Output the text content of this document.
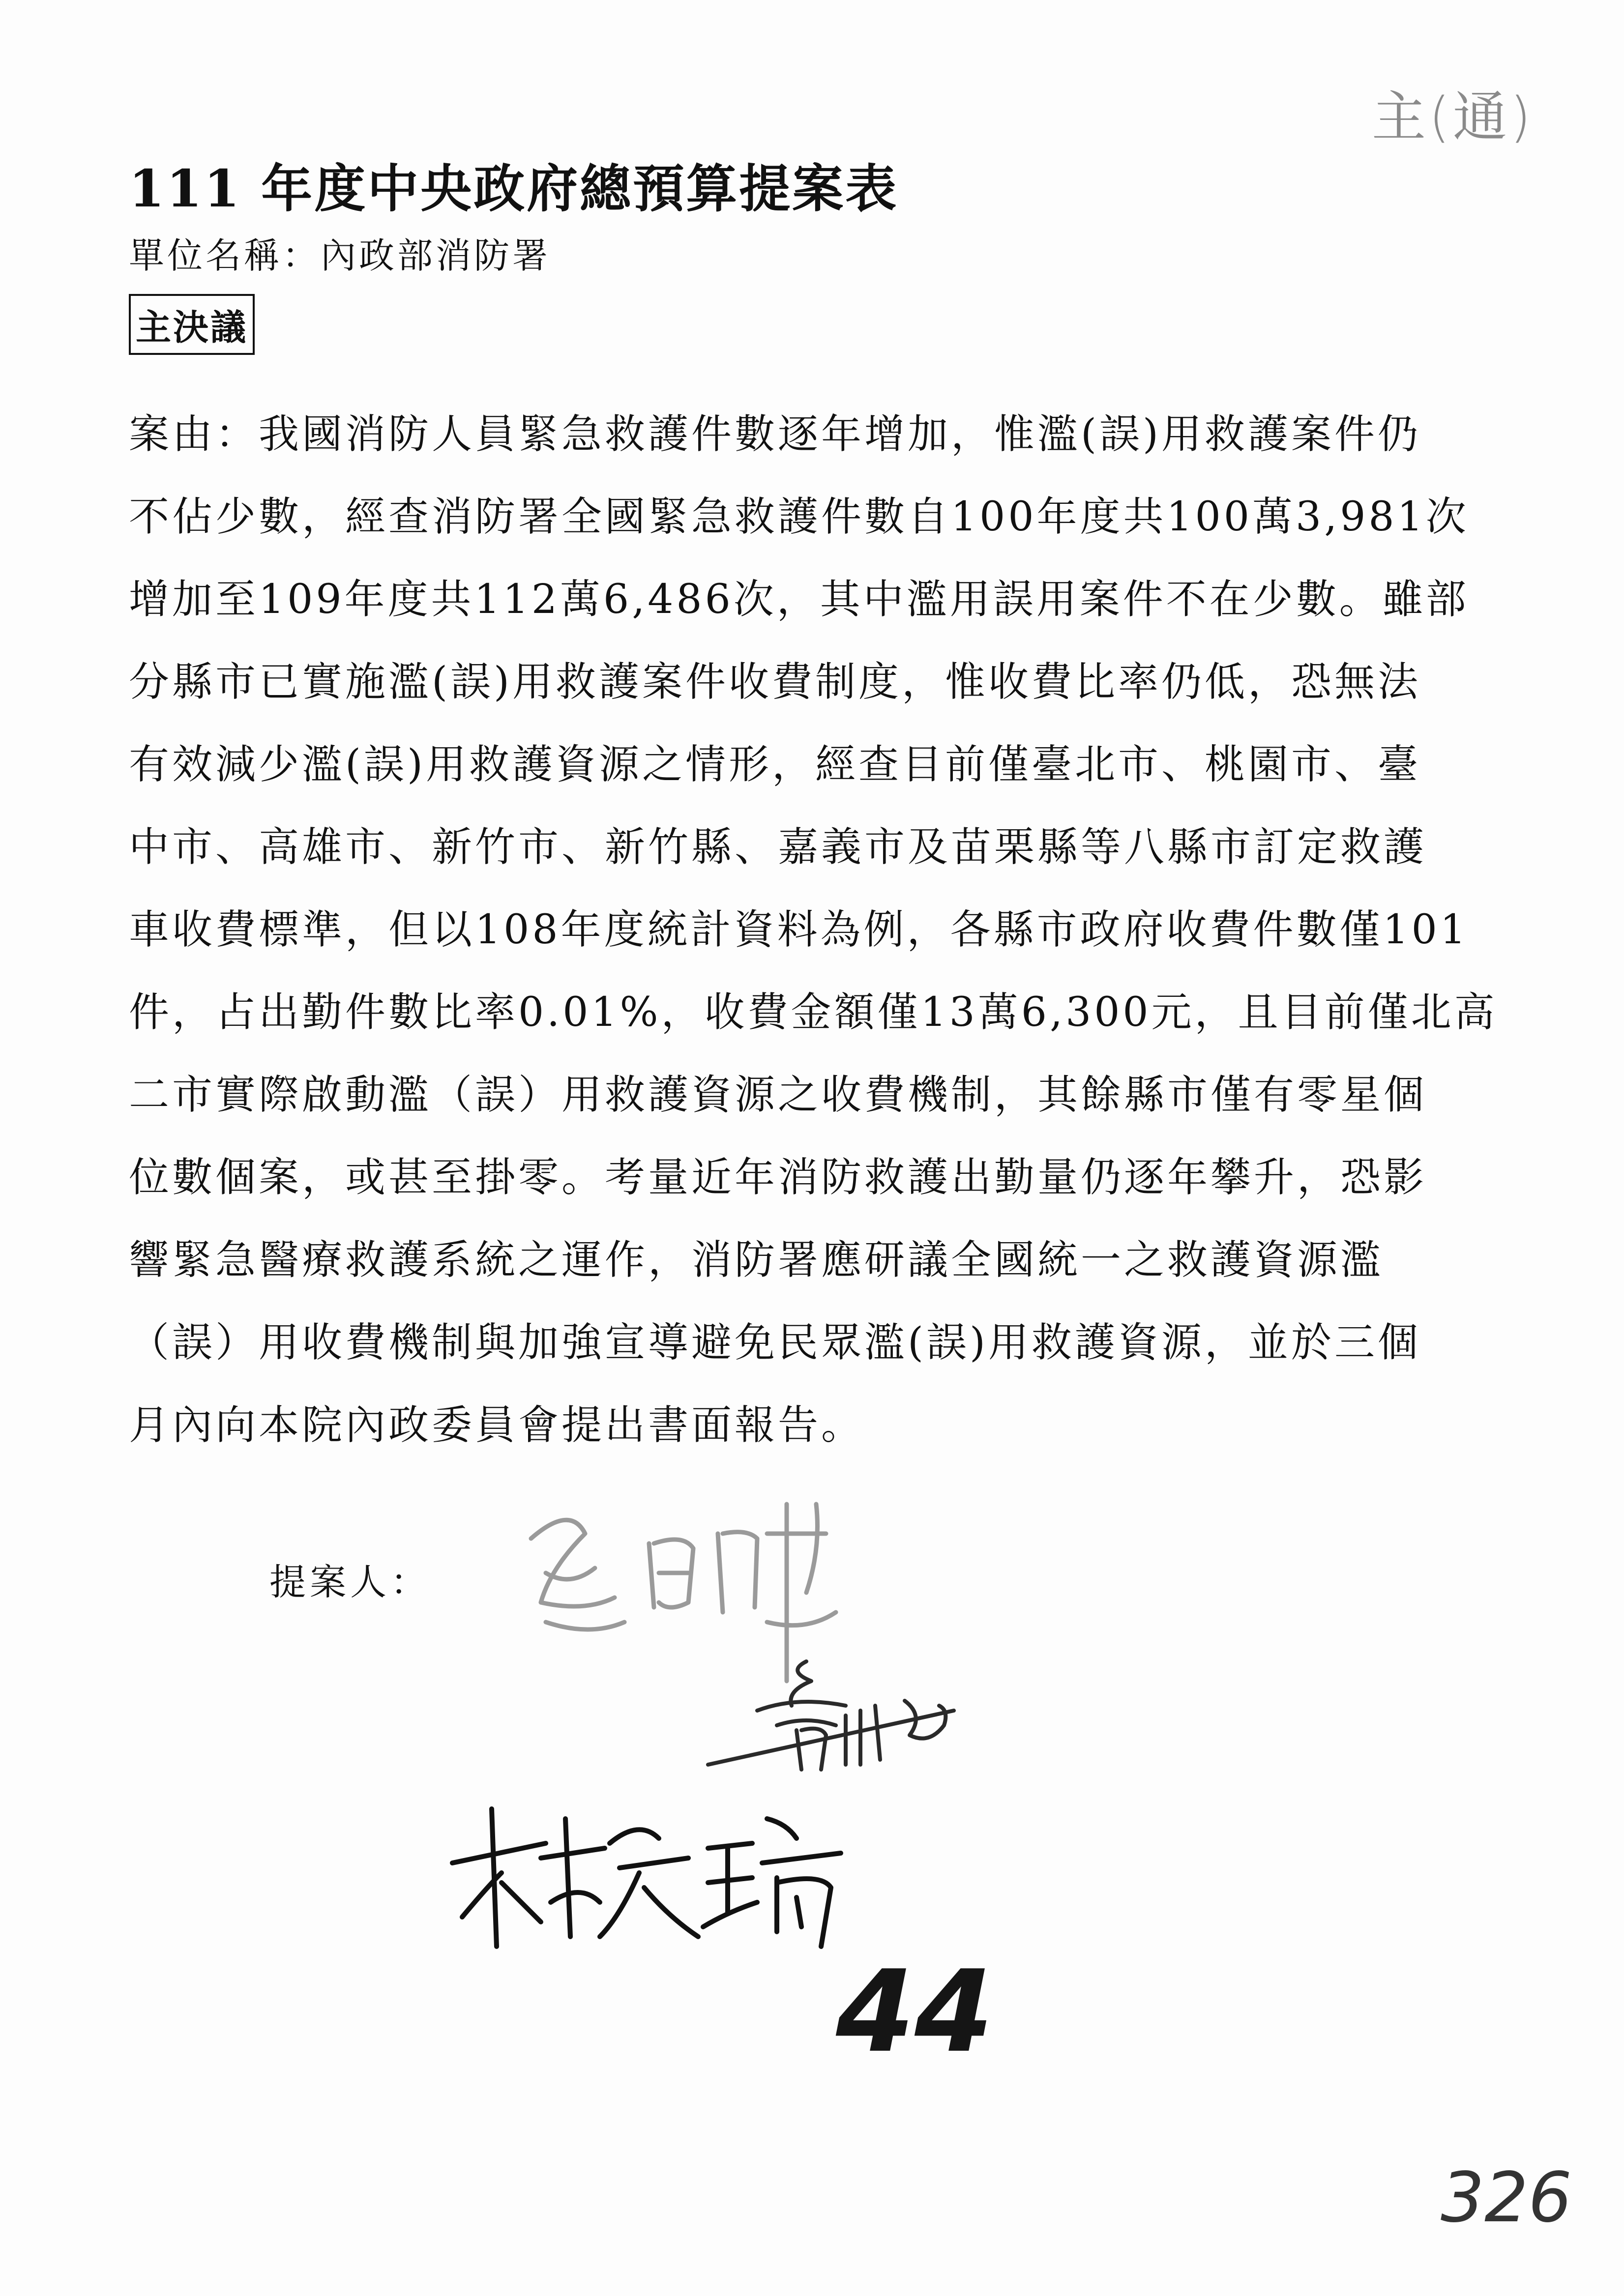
主(通)
111 年度中央政府總預算提案表
單位名稱：內政部消防署
主決議
案由：我國消防人員緊急救護件數逐年增加，惟濫(誤)用救護案件仍
不佔少數，經查消防署全國緊急救護件數自100年度共100萬3,981次
增加至109年度共112萬6,486次，其中濫用誤用案件不在少數。雖部
分縣市已實施濫(誤)用救護案件收費制度，惟收費比率仍低，恐無法
有效減少濫(誤)用救護資源之情形，經查目前僅臺北市、桃園市、臺
中市、高雄市、新竹市、新竹縣、嘉義市及苗栗縣等八縣市訂定救護
車收費標準，但以108年度統計資料為例，各縣市政府收費件數僅101
件，占出勤件數比率0.01%，收費金額僅13萬6,300元，且目前僅北高
二市實際啟動濫（誤）用救護資源之收費機制，其餘縣市僅有零星個
位數個案，或甚至掛零。考量近年消防救護出勤量仍逐年攀升，恐影
響緊急醫療救護系統之運作，消防署應研議全國統一之救護資源濫
（誤）用收費機制與加強宣導避免民眾濫(誤)用救護資源，並於三個
月內向本院內政委員會提出書面報告。
提案人：
44
326
